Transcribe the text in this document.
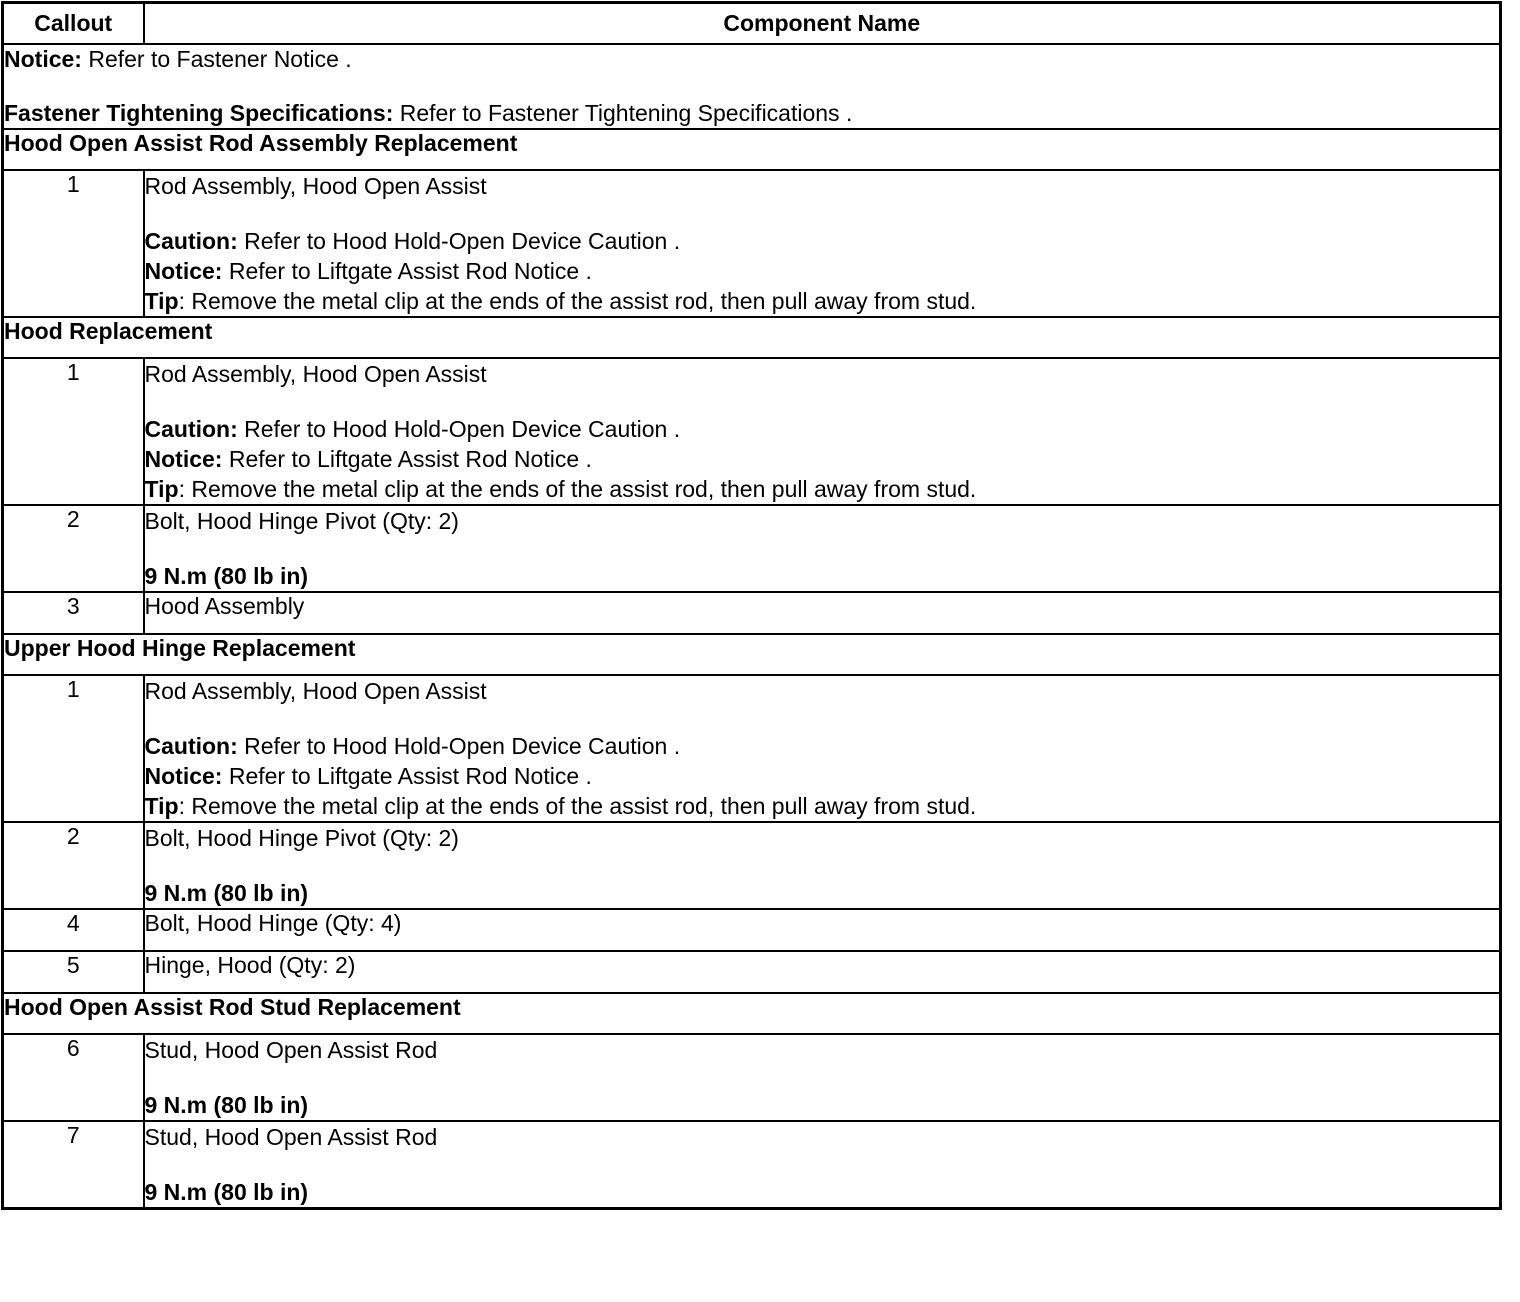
Callout	Component Name

Notice: Refer to Fastener Notice .
Fastener Tightening Specifications: Refer to Fastener Tightening Specifications .	

Hood Open Assist Rod Assembly Replacement	
1	Rod Assembly, Hood Open Assist
Caution: Refer to Hood Hold-Open Device Caution .
Notice: Refer to Liftgate Assist Rod Notice .
Tip: Remove the metal clip at the ends of the assist rod, then pull away from stud.

Hood Replacement	
1	Rod Assembly, Hood Open Assist
Caution: Refer to Hood Hold-Open Device Caution .
Notice: Refer to Liftgate Assist Rod Notice .
Tip: Remove the metal clip at the ends of the assist rod, then pull away from stud.

2	Bolt, Hood Hinge Pivot (Qty: 2)
9 N.m (80 lb in)

3	Hood Assembly
Upper Hood Hinge Replacement	
1	Rod Assembly, Hood Open Assist
Caution: Refer to Hood Hold-Open Device Caution .
Notice: Refer to Liftgate Assist Rod Notice .
Tip: Remove the metal clip at the ends of the assist rod, then pull away from stud.

2	Bolt, Hood Hinge Pivot (Qty: 2)
9 N.m (80 lb in)

4	Bolt, Hood Hinge (Qty: 4)
5	Hinge, Hood (Qty: 2)
Hood Open Assist Rod Stud Replacement	
6	Stud, Hood Open Assist Rod
9 N.m (80 lb in)

7	Stud, Hood Open Assist Rod
9 N.m (80 lb in)
